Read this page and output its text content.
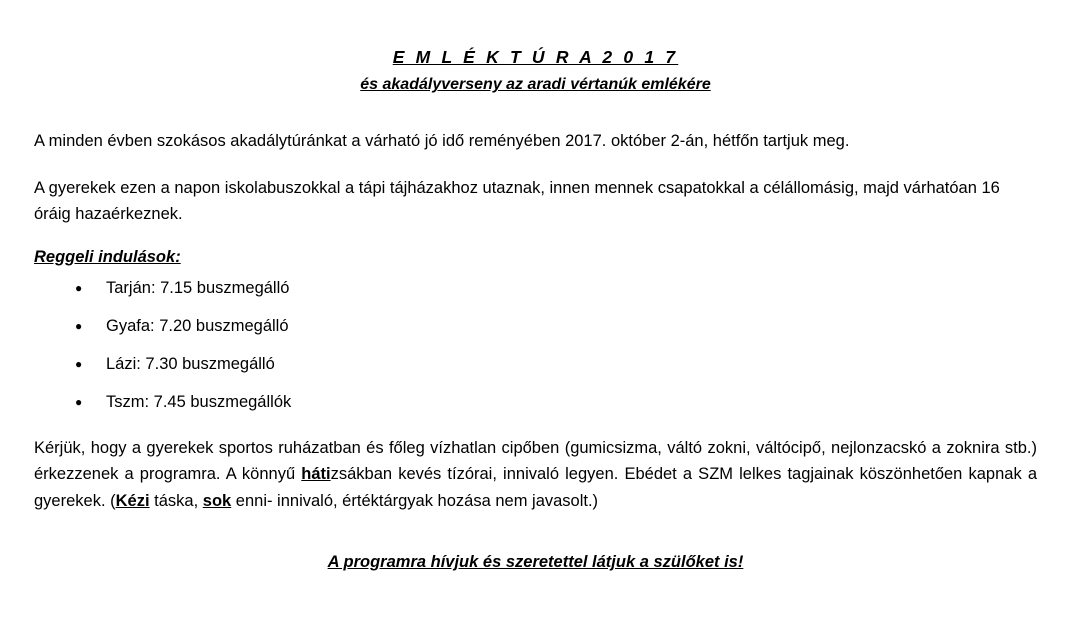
E M L É K T Ú R A 2 0 1 7
és akadályverseny az aradi vértanúk emlékére

A minden évben szokásos akadálytúránkat a várható jó idő reményében 2017. október 2-án, hétfőn tartjuk meg.

A gyerekek ezen a napon iskolabuszokkal a tápi tájházakhoz utaznak, innen mennek csapatokkal a célállomásig, majd várhatóan 16 óráig hazaérkeznek.

Reggeli indulások:
● Tarján: 7.15 buszmegálló
● Gyafa: 7.20 buszmegálló
● Lázi: 7.30 buszmegálló
● Tszm: 7.45 buszmegállók

Kérjük, hogy a gyerekek sportos ruházatban és főleg vízhatlan cipőben (gumicsizma, váltó zokni, váltócipő, nejlonzacskó a zoknira stb.) érkezzenek a programra. A könnyű hátizsákban kevés tízórai, innivaló legyen. Ebédet a SZM lelkes tagjainak köszönhetően kapnak a gyerekek. (Kézi táska, sok enni- innivaló, értéktárgyak hozása nem javasolt.)

A programra hívjuk és szeretettel látjuk a szülőket is!
